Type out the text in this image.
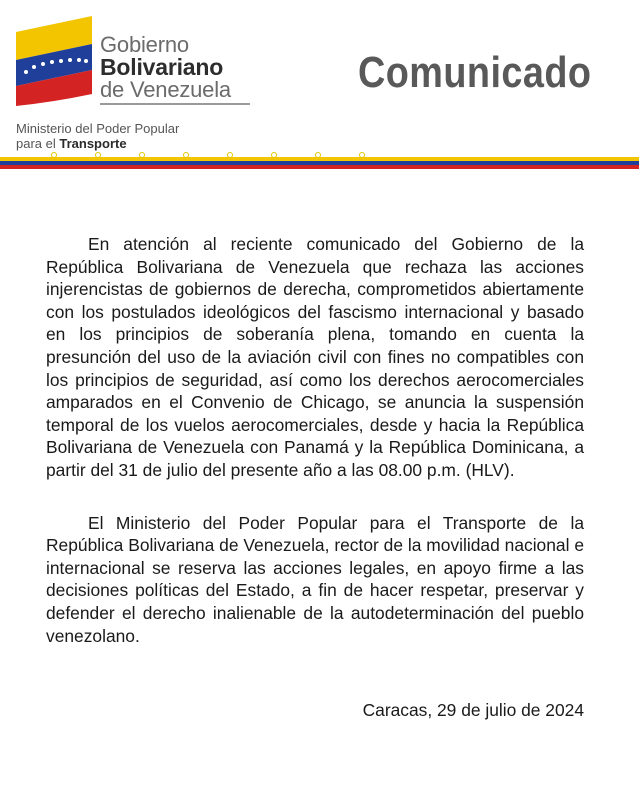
Gobierno
Bolivariano
de Venezuela
Ministerio del Poder Popular
para el Transporte
Comunicado

En atención al reciente comunicado del Gobierno de la República Bolivariana de Venezuela que rechaza las acciones injerencistas de gobiernos de derecha, comprometidos abiertamente con los postulados ideológicos del fascismo internacional y basado en los principios de soberanía plena, tomando en cuenta la presunción del uso de la aviación civil con fines no compatibles con los principios de seguridad, así como los derechos aerocomerciales amparados en el Convenio de Chicago, se anuncia la suspensión temporal de los vuelos aerocomerciales, desde y hacia la República Bolivariana de Venezuela con Panamá y la República Dominicana, a partir del 31 de julio del presente año a las 08.00 p.m. (HLV).

El Ministerio del Poder Popular para el Transporte de la República Bolivariana de Venezuela, rector de la movilidad nacional e internacional se reserva las acciones legales, en apoyo firme a las decisiones políticas del Estado, a fin de hacer respetar, preservar y defender el derecho inalienable de la autodeterminación del pueblo venezolano.

Caracas, 29 de julio de 2024
